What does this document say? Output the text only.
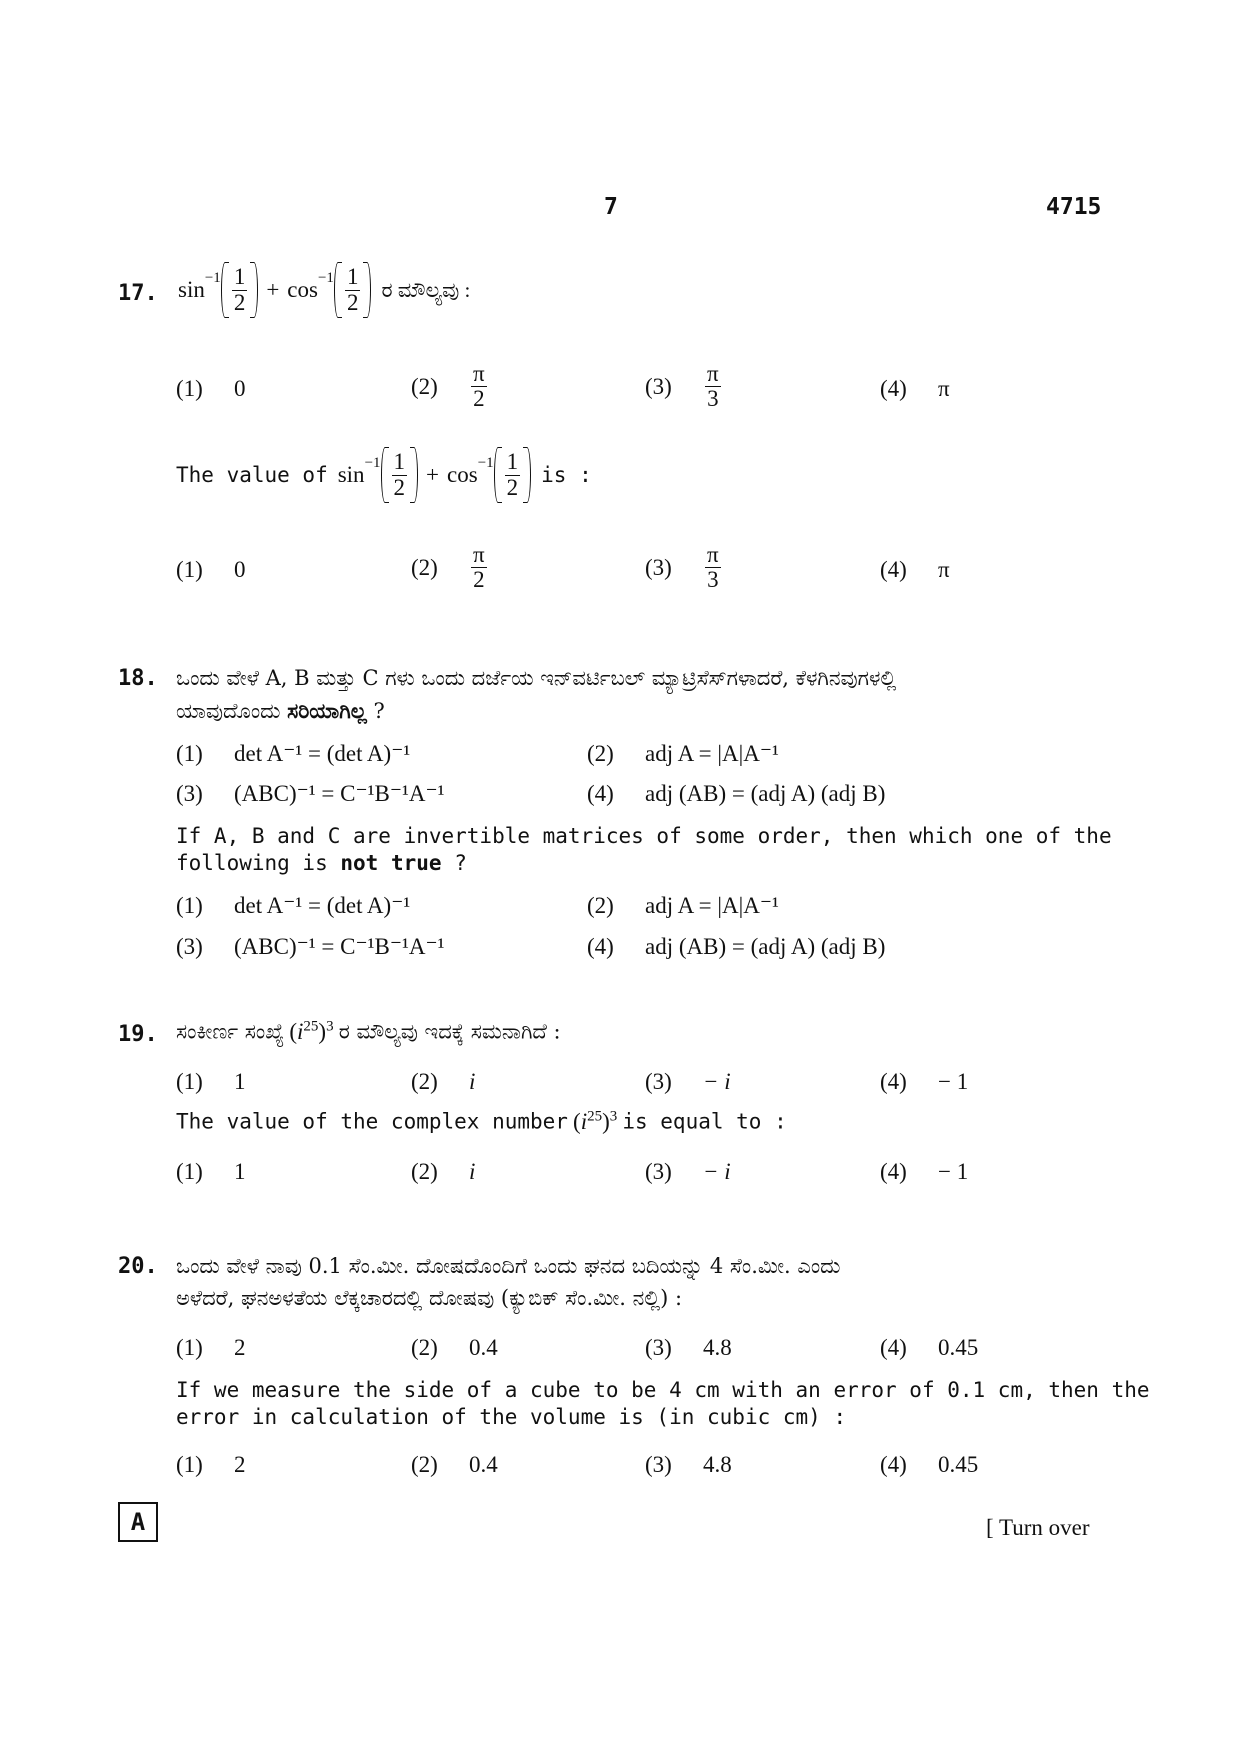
7	4715
17. $\sin^{-1} \frac{1}{2} + \cos^{-1} \frac{1}{2}$ ರ ಮೌಲ್ಯವು :
(1) 0	(2)	$\frac{\pi}{2}$	(3)	$\frac{\pi}{3}$	(4) π
The value of $\sin^{-1} \frac{1}{2} + \cos^{-1} \frac{1}{2}$ is :
(1) 0	(2)	$\frac{\pi}{2}$	(3)	$\frac{\pi}{3}$	(4) π
18. ಒಂದು ವೇಳೆ A, B ಮತ್ತು C ಗಳು ಒಂದು ದರ್ಜೆಯ ಇನ್‌ವರ್ಟಿಬಲ್ ಮ್ಯಾಟ್ರಿಸೆಸ್‌ಗಳಾದರೆ, ಕೆಳಗಿನವುಗಳಲ್ಲಿ
ಯಾವುದೊಂದು ಸರಿಯಾಗಿಲ್ಲ ?
(1) det A⁻¹ = (det A)⁻¹	(2) adj A = |A|A⁻¹
(3) (ABC)⁻¹ = C⁻¹B⁻¹A⁻¹	(4) adj (AB) = (adj A) (adj B)
If A, B and C are invertible matrices of some order, then which one of the
following is not true ?
(1) det A⁻¹ = (det A)⁻¹	(2) adj A = |A|A⁻¹
(3) (ABC)⁻¹ = C⁻¹B⁻¹A⁻¹	(4) adj (AB) = (adj A) (adj B)
19. ಸಂಕೀರ್ಣ ಸಂಖ್ಯೆ $(i^{25})^3$ ರ ಮೌಲ್ಯವು ಇದಕ್ಕೆ ಸಮನಾಗಿದೆ :
(1) 1	(2) i	(3) − i	(4) − 1
The value of the complex number $(i^{25})^3$ is equal to :
(1) 1	(2) i	(3) − i	(4) − 1
20. ಒಂದು ವೇಳೆ ನಾವು 0.1 ಸೆಂ.ಮೀ. ದೋಷದೊಂದಿಗೆ ಒಂದು ಘನದ ಬದಿಯನ್ನು 4 ಸೆಂ.ಮೀ. ಎಂದು
ಅಳೆದರೆ, ಘನಅಳತೆಯ ಲೆಕ್ಕಚಾರದಲ್ಲಿ ದೋಷವು (ಕ್ಯುಬಿಕ್ ಸೆಂ.ಮೀ. ನಲ್ಲಿ) :
(1) 2	(2) 0.4	(3) 4.8	(4) 0.45
If we measure the side of a cube to be 4 cm with an error of 0.1 cm, then the
error in calculation of the volume is (in cubic cm) :
(1) 2	(2) 0.4	(3) 4.8	(4) 0.45
A	[ Turn over
